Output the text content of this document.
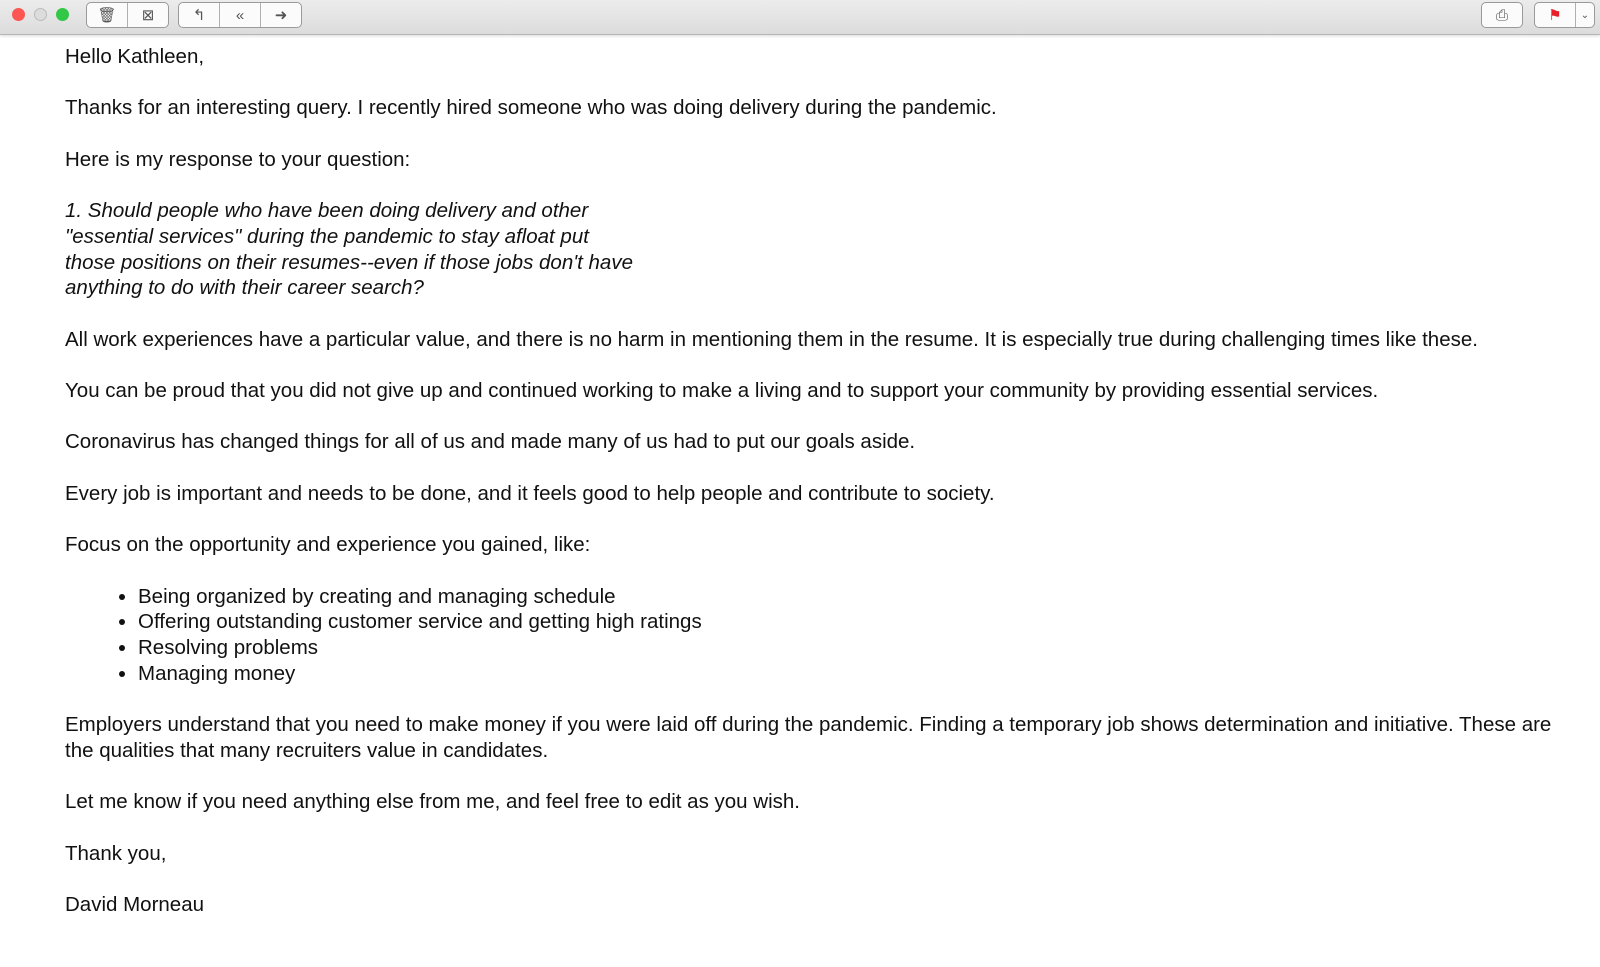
🗑 ⊠	↰ « ➜	⎙	⚑ ⌄

Hello Kathleen,

Thanks for an interesting query. I recently hired someone who was doing delivery during the pandemic.

Here is my response to your question:

1. Should people who have been doing delivery and other
"essential services" during the pandemic to stay afloat put
those positions on their resumes--even if those jobs don't have
anything to do with their career search?

All work experiences have a particular value, and there is no harm in mentioning them in the resume. It is especially true during challenging times like these.

You can be proud that you did not give up and continued working to make a living and to support your community by providing essential services.

Coronavirus has changed things for all of us and made many of us had to put our goals aside.

Every job is important and needs to be done, and it feels good to help people and contribute to society.

Focus on the opportunity and experience you gained, like:

• Being organized by creating and managing schedule
• Offering outstanding customer service and getting high ratings
• Resolving problems
• Managing money

Employers understand that you need to make money if you were laid off during the pandemic. Finding a temporary job shows determination and initiative. These are the qualities that many recruiters value in candidates.

Let me know if you need anything else from me, and feel free to edit as you wish.

Thank you,

David Morneau
